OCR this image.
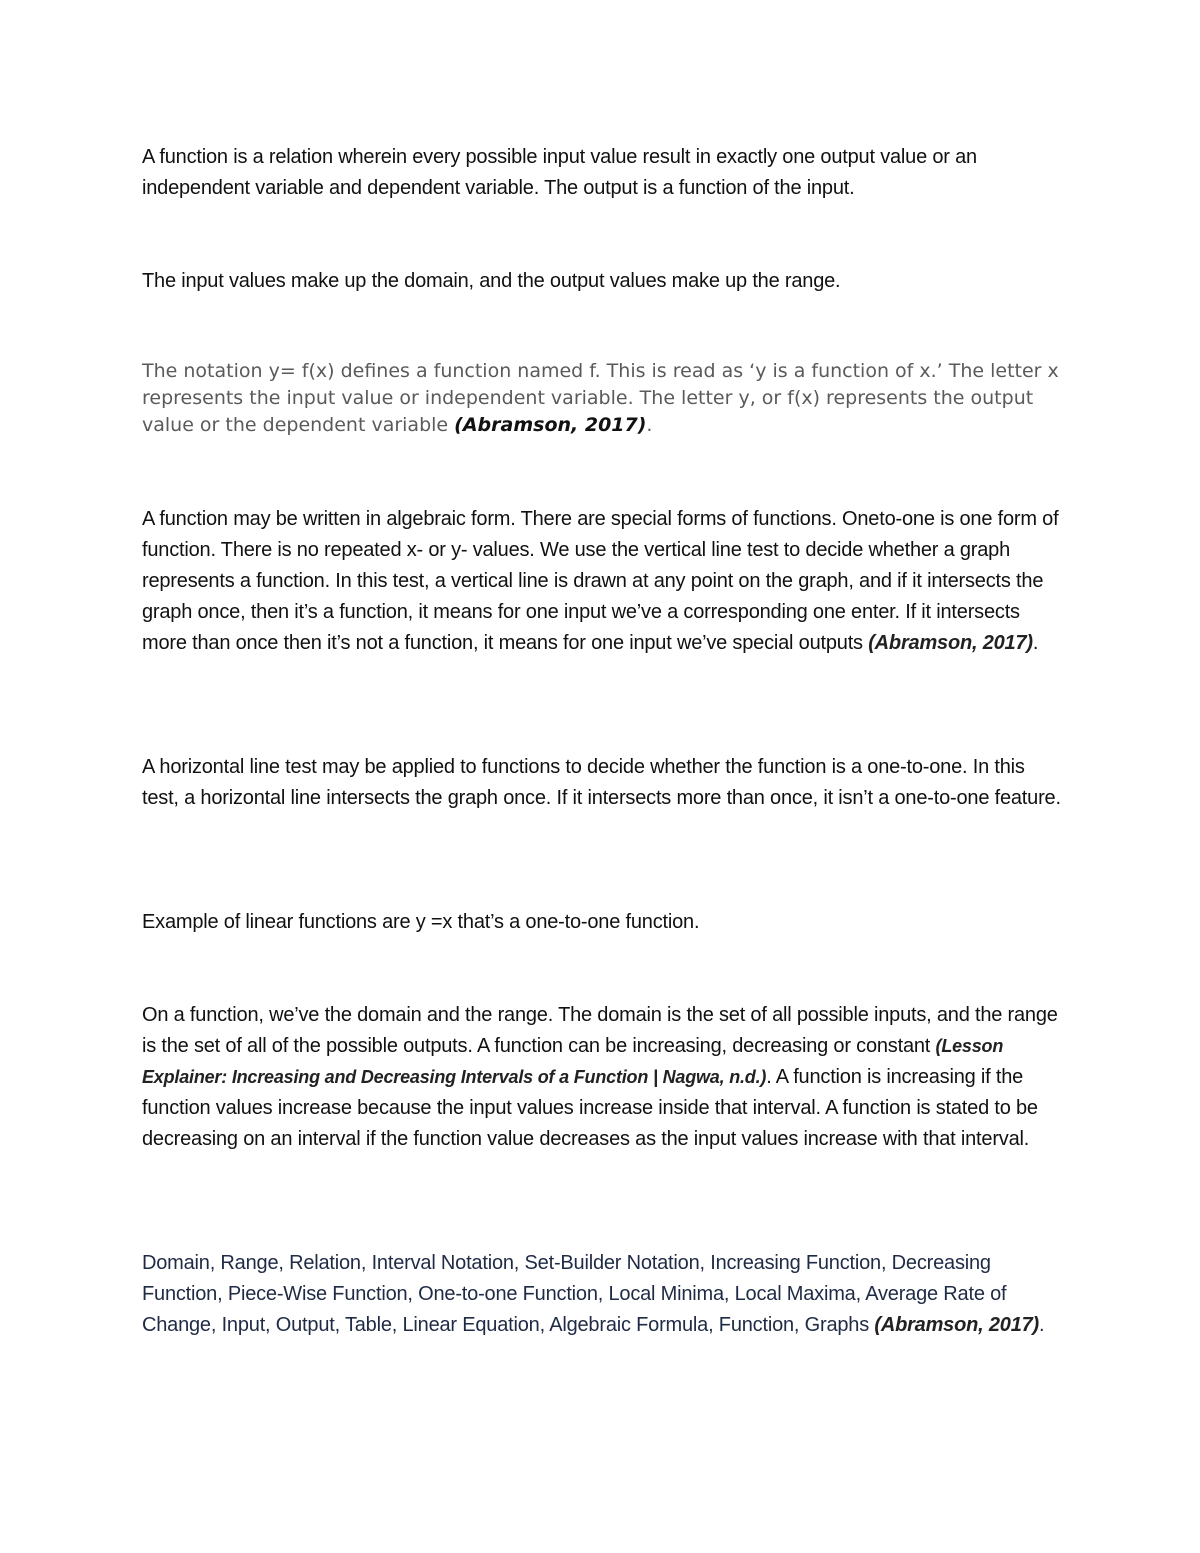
A function is a relation wherein every possible input value result in exactly one output value or an independent variable and dependent variable. The output is a function of the input.

The input values make up the domain, and the output values make up the range.

The notation y= f(x) defines a function named f. This is read as ‘y is a function of x.’ The letter x represents the input value or independent variable. The letter y, or f(x) represents the output value or the dependent variable (Abramson, 2017).

A function may be written in algebraic form. There are special forms of functions. Oneto-one is one form of function. There is no repeated x- or y- values. We use the vertical line test to decide whether a graph represents a function. In this test, a vertical line is drawn at any point on the graph, and if it intersects the graph once, then it’s a function, it means for one input we’ve a corresponding one enter. If it intersects more than once then it’s not a function, it means for one input we’ve special outputs (Abramson, 2017).

A horizontal line test may be applied to functions to decide whether the function is a one-to-one. In this test, a horizontal line intersects the graph once. If it intersects more than once, it isn’t a one-to-one feature.

Example of linear functions are y =x that’s a one-to-one function.

On a function, we’ve the domain and the range. The domain is the set of all possible inputs, and the range is the set of all of the possible outputs. A function can be increasing, decreasing or constant (Lesson Explainer: Increasing and Decreasing Intervals of a Function | Nagwa, n.d.). A function is increasing if the function values increase because the input values increase inside that interval. A function is stated to be decreasing on an interval if the function value decreases as the input values increase with that interval.

Domain, Range, Relation, Interval Notation, Set-Builder Notation, Increasing Function, Decreasing Function, Piece-Wise Function, One-to-one Function, Local Minima, Local Maxima, Average Rate of Change, Input, Output, Table, Linear Equation, Algebraic Formula, Function, Graphs (Abramson, 2017).
